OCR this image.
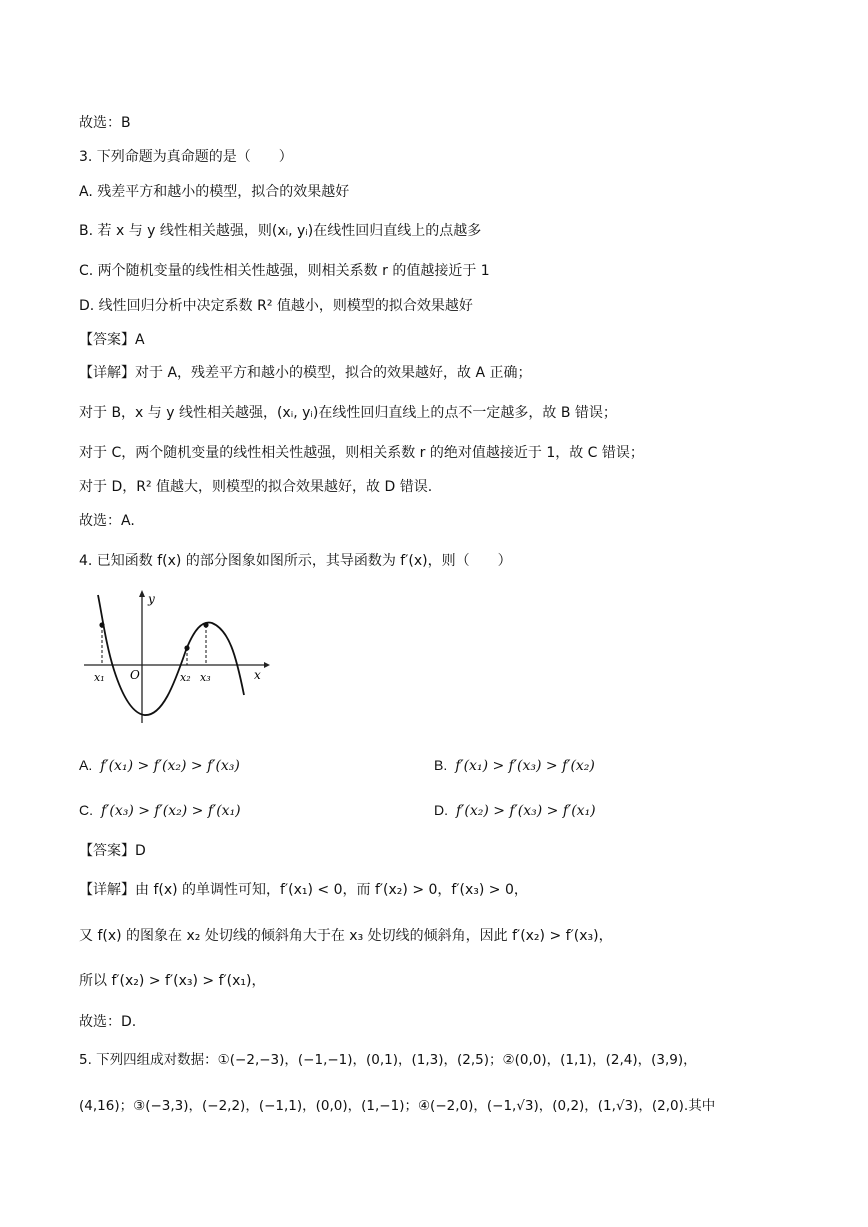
故选：B
3. 下列命题为真命题的是（　　）
A. 残差平方和越小的模型，拟合的效果越好
B. 若 x 与 y 线性相关越强，则(xᵢ, yᵢ)在线性回归直线上的点越多
C. 两个随机变量的线性相关性越强，则相关系数 r 的值越接近于 1
D. 线性回归分析中决定系数 R² 值越小，则模型的拟合效果越好
【答案】A
【详解】对于 A，残差平方和越小的模型，拟合的效果越好，故 A 正确；
对于 B，x 与 y 线性相关越强，(xᵢ, yᵢ)在线性回归直线上的点不一定越多，故 B 错误；
对于 C，两个随机变量的线性相关性越强，则相关系数 r 的绝对值越接近于 1，故 C 错误；
对于 D，R² 值越大，则模型的拟合效果越好，故 D 错误.
故选：A.
4. 已知函数 f(x) 的部分图象如图所示，其导函数为 f′(x)，则（　　）
y
x
O
x₁	x₂ x₃
A. f′(x₁) > f′(x₂) > f′(x₃)	B. f′(x₁) > f′(x₃) > f′(x₂)
C. f′(x₃) > f′(x₂) > f′(x₁)	D. f′(x₂) > f′(x₃) > f′(x₁)
【答案】D
【详解】由 f(x) 的单调性可知，f′(x₁) < 0，而 f′(x₂) > 0，f′(x₃) > 0，
又 f(x) 的图象在 x₂ 处切线的倾斜角大于在 x₃ 处切线的倾斜角，因此 f′(x₂) > f′(x₃)，
所以 f′(x₂) > f′(x₃) > f′(x₁)，
故选：D.
5. 下列四组成对数据：①(−2,−3)，(−1,−1)，(0,1)，(1,3)，(2,5)；②(0,0)，(1,1)，(2,4)，(3,9)，
(4,16)；③(−3,3)，(−2,2)，(−1,1)，(0,0)，(1,−1)；④(−2,0)，(−1,√3)，(0,2)，(1,√3)，(2,0).其中
